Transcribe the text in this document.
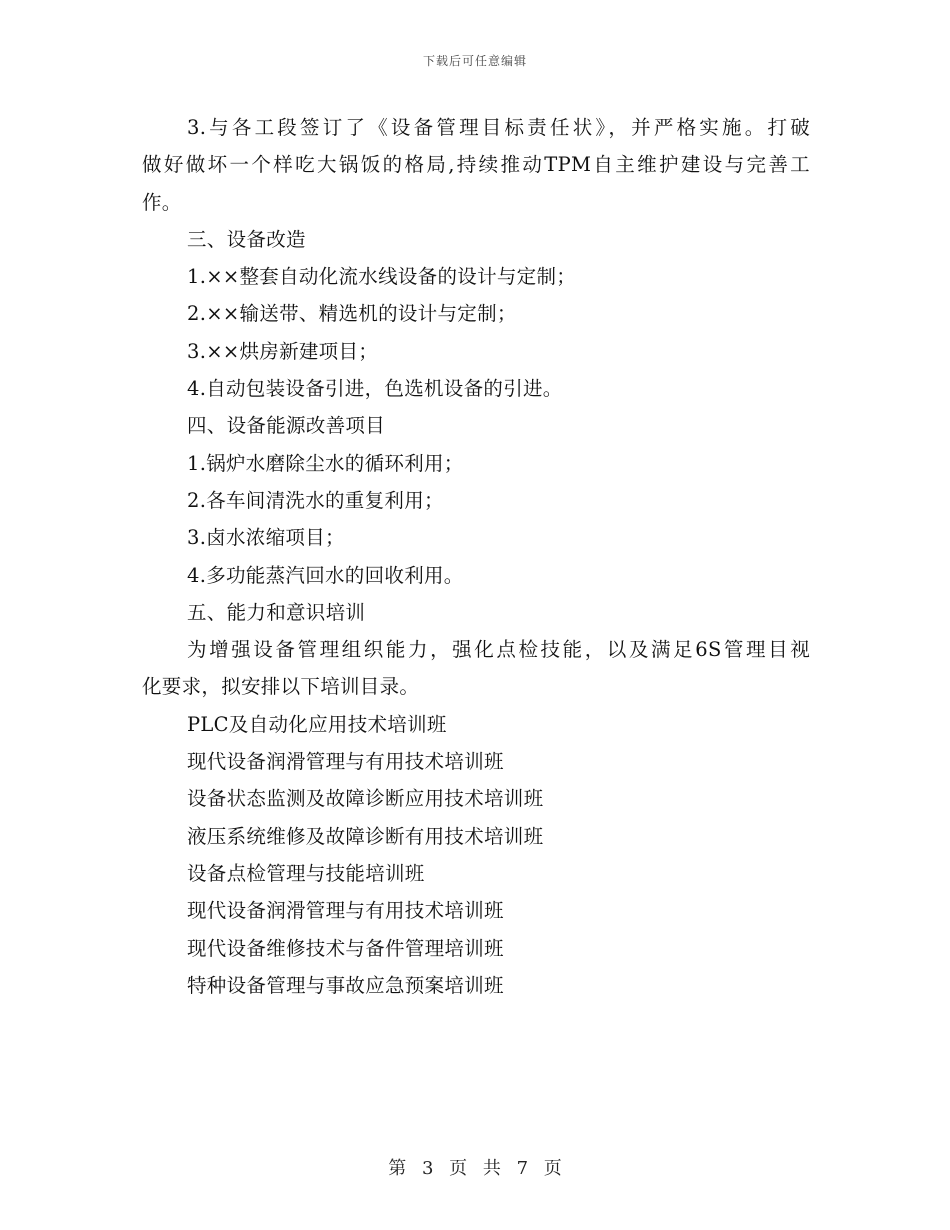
下载后可任意编辑
3.与各工段签订了《设备管理目标责任状》，并严格实施。打破
做好做坏一个样吃大锅饭的格局,持续推动TPM自主维护建设与完善工
作。
三、设备改造
1.××整套自动化流水线设备的设计与定制；
2.××输送带、精选机的设计与定制；
3.××烘房新建项目；
4.自动包装设备引进，色选机设备的引进。
四、设备能源改善项目
1.锅炉水磨除尘水的循环利用；
2.各车间清洗水的重复利用；
3.卤水浓缩项目；
4.多功能蒸汽回水的回收利用。
五、能力和意识培训
为增强设备管理组织能力，强化点检技能，以及满足6S管理目视
化要求，拟安排以下培训目录。
PLC及自动化应用技术培训班
现代设备润滑管理与有用技术培训班
设备状态监测及故障诊断应用技术培训班
液压系统维修及故障诊断有用技术培训班
设备点检管理与技能培训班
现代设备润滑管理与有用技术培训班
现代设备维修技术与备件管理培训班
特种设备管理与事故应急预案培训班
第 3 页 共 7 页
